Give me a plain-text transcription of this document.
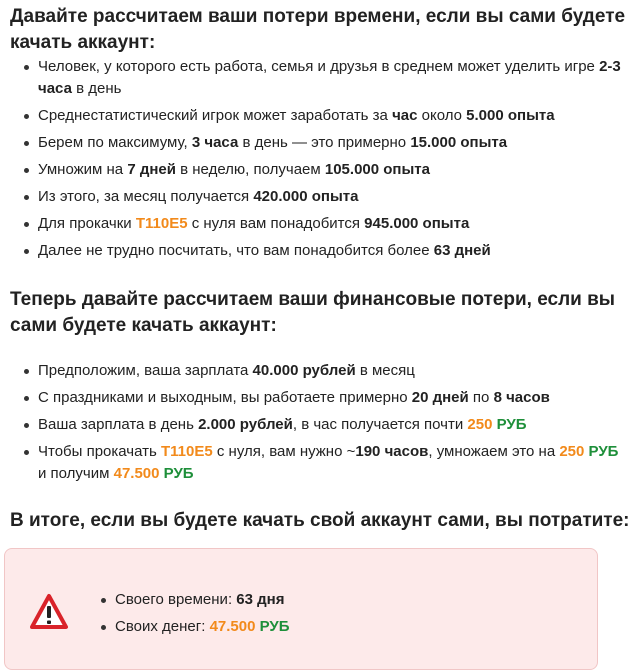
Давайте рассчитаем ваши потери времени, если вы сами будете качать аккаунт:
Человек, у которого есть работа, семья и друзья в среднем может уделить игре 2-3 часа в день
Среднестатистический игрок может заработать за час около 5.000 опыта
Берем по максимуму, 3 часа в день — это примерно 15.000 опыта
Умножим на 7 дней в неделю, получаем 105.000 опыта
Из этого, за месяц получается 420.000 опыта
Для прокачки T110E5 с нуля вам понадобится 945.000 опыта
Далее не трудно посчитать, что вам понадобится более 63 дней
Теперь давайте рассчитаем ваши финансовые потери, если вы сами будете качать аккаунт:
Предположим, ваша зарплата 40.000 рублей в месяц
С праздниками и выходным, вы работаете примерно 20 дней по 8 часов
Ваша зарплата в день 2.000 рублей, в час получается почти 250 РУБ
Чтобы прокачать T110E5 с нуля, вам нужно ~190 часов, умножаем это на 250 РУБ и получим 47.500 РУБ
В итоге, если вы будете качать свой аккаунт сами, вы потратите:
Своего времени: 63 дня
Своих денег: 47.500 РУБ
